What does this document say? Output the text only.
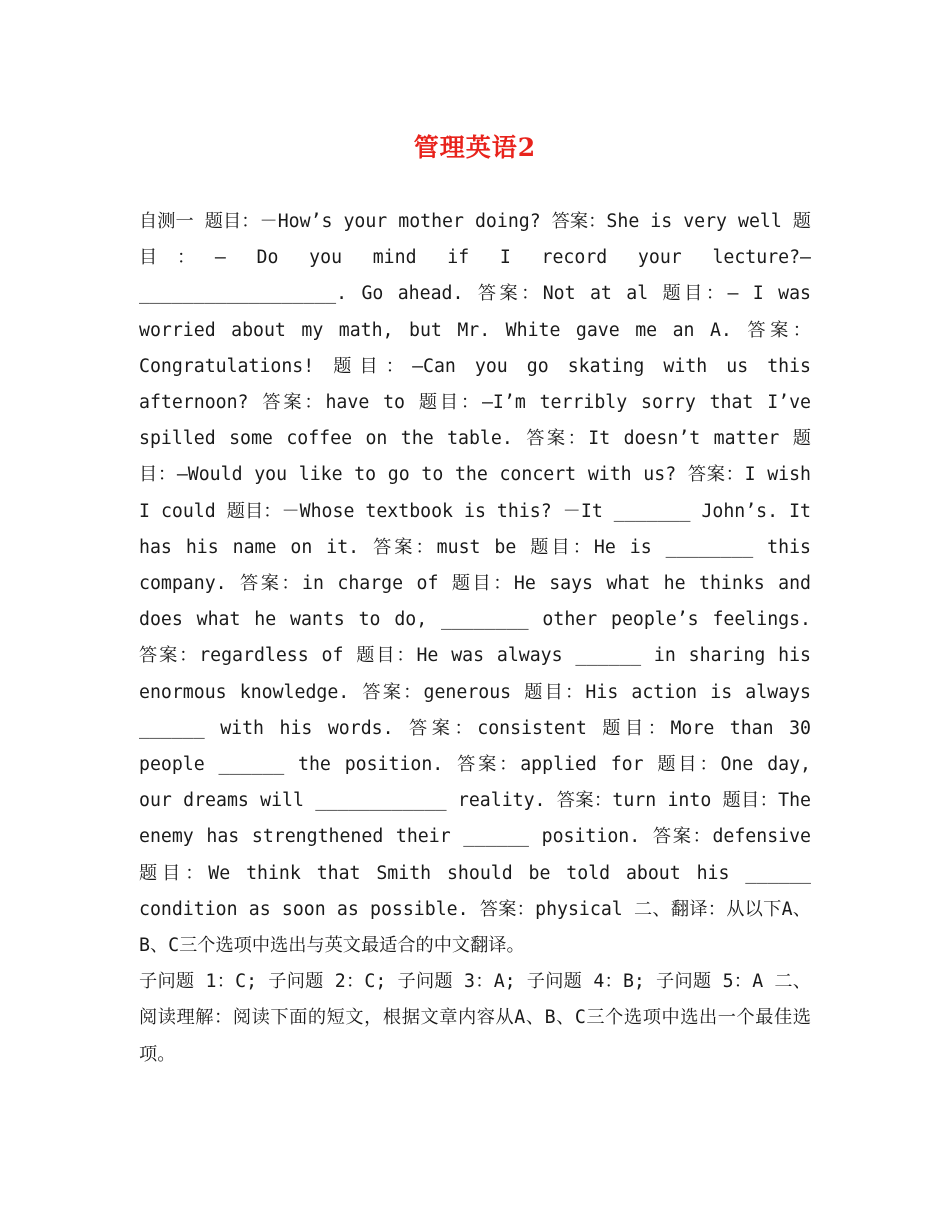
管理英语2

自测一 题目：－How’s your mother doing? 答案：She is very well 题目：— Do you mind if I record your lecture?—__________________. Go ahead. 答案：Not at al 题目：— I was worried about my math, but Mr. White gave me an A. 答案：Congratulations! 题目：—Can you go skating with us this afternoon? 答案：have to 题目：—I’m terribly sorry that I’ve spilled some coffee on the table. 答案：It doesn’t matter 题目：—Would you like to go to the concert with us? 答案：I wish I could 题目：－Whose textbook is this? －It _______ John’s. It has his name on it. 答案：must be 题目：He is ________ this company. 答案：in charge of 题目：He says what he thinks and does what he wants to do, ________ other people’s feelings. 答案：regardless of 题目：He was always ______ in sharing his enormous knowledge. 答案：generous 题目：His action is always ______ with his words. 答案：consistent 题目：More than 30 people ______ the position. 答案：applied for 题目：One day, our dreams will ____________ reality. 答案：turn into 题目：The enemy has strengthened their ______ position. 答案：defensive 题目：We think that Smith should be told about his ______ condition as soon as possible. 答案：physical 二、翻译：从以下A、B、C三个选项中选出与英文最适合的中文翻译。

子问题 1：C; 子问题 2：C; 子问题 3：A; 子问题 4：B; 子问题 5：A 二、阅读理解：阅读下面的短文，根据文章内容从A、B、C三个选项中选出一个最佳选项。
